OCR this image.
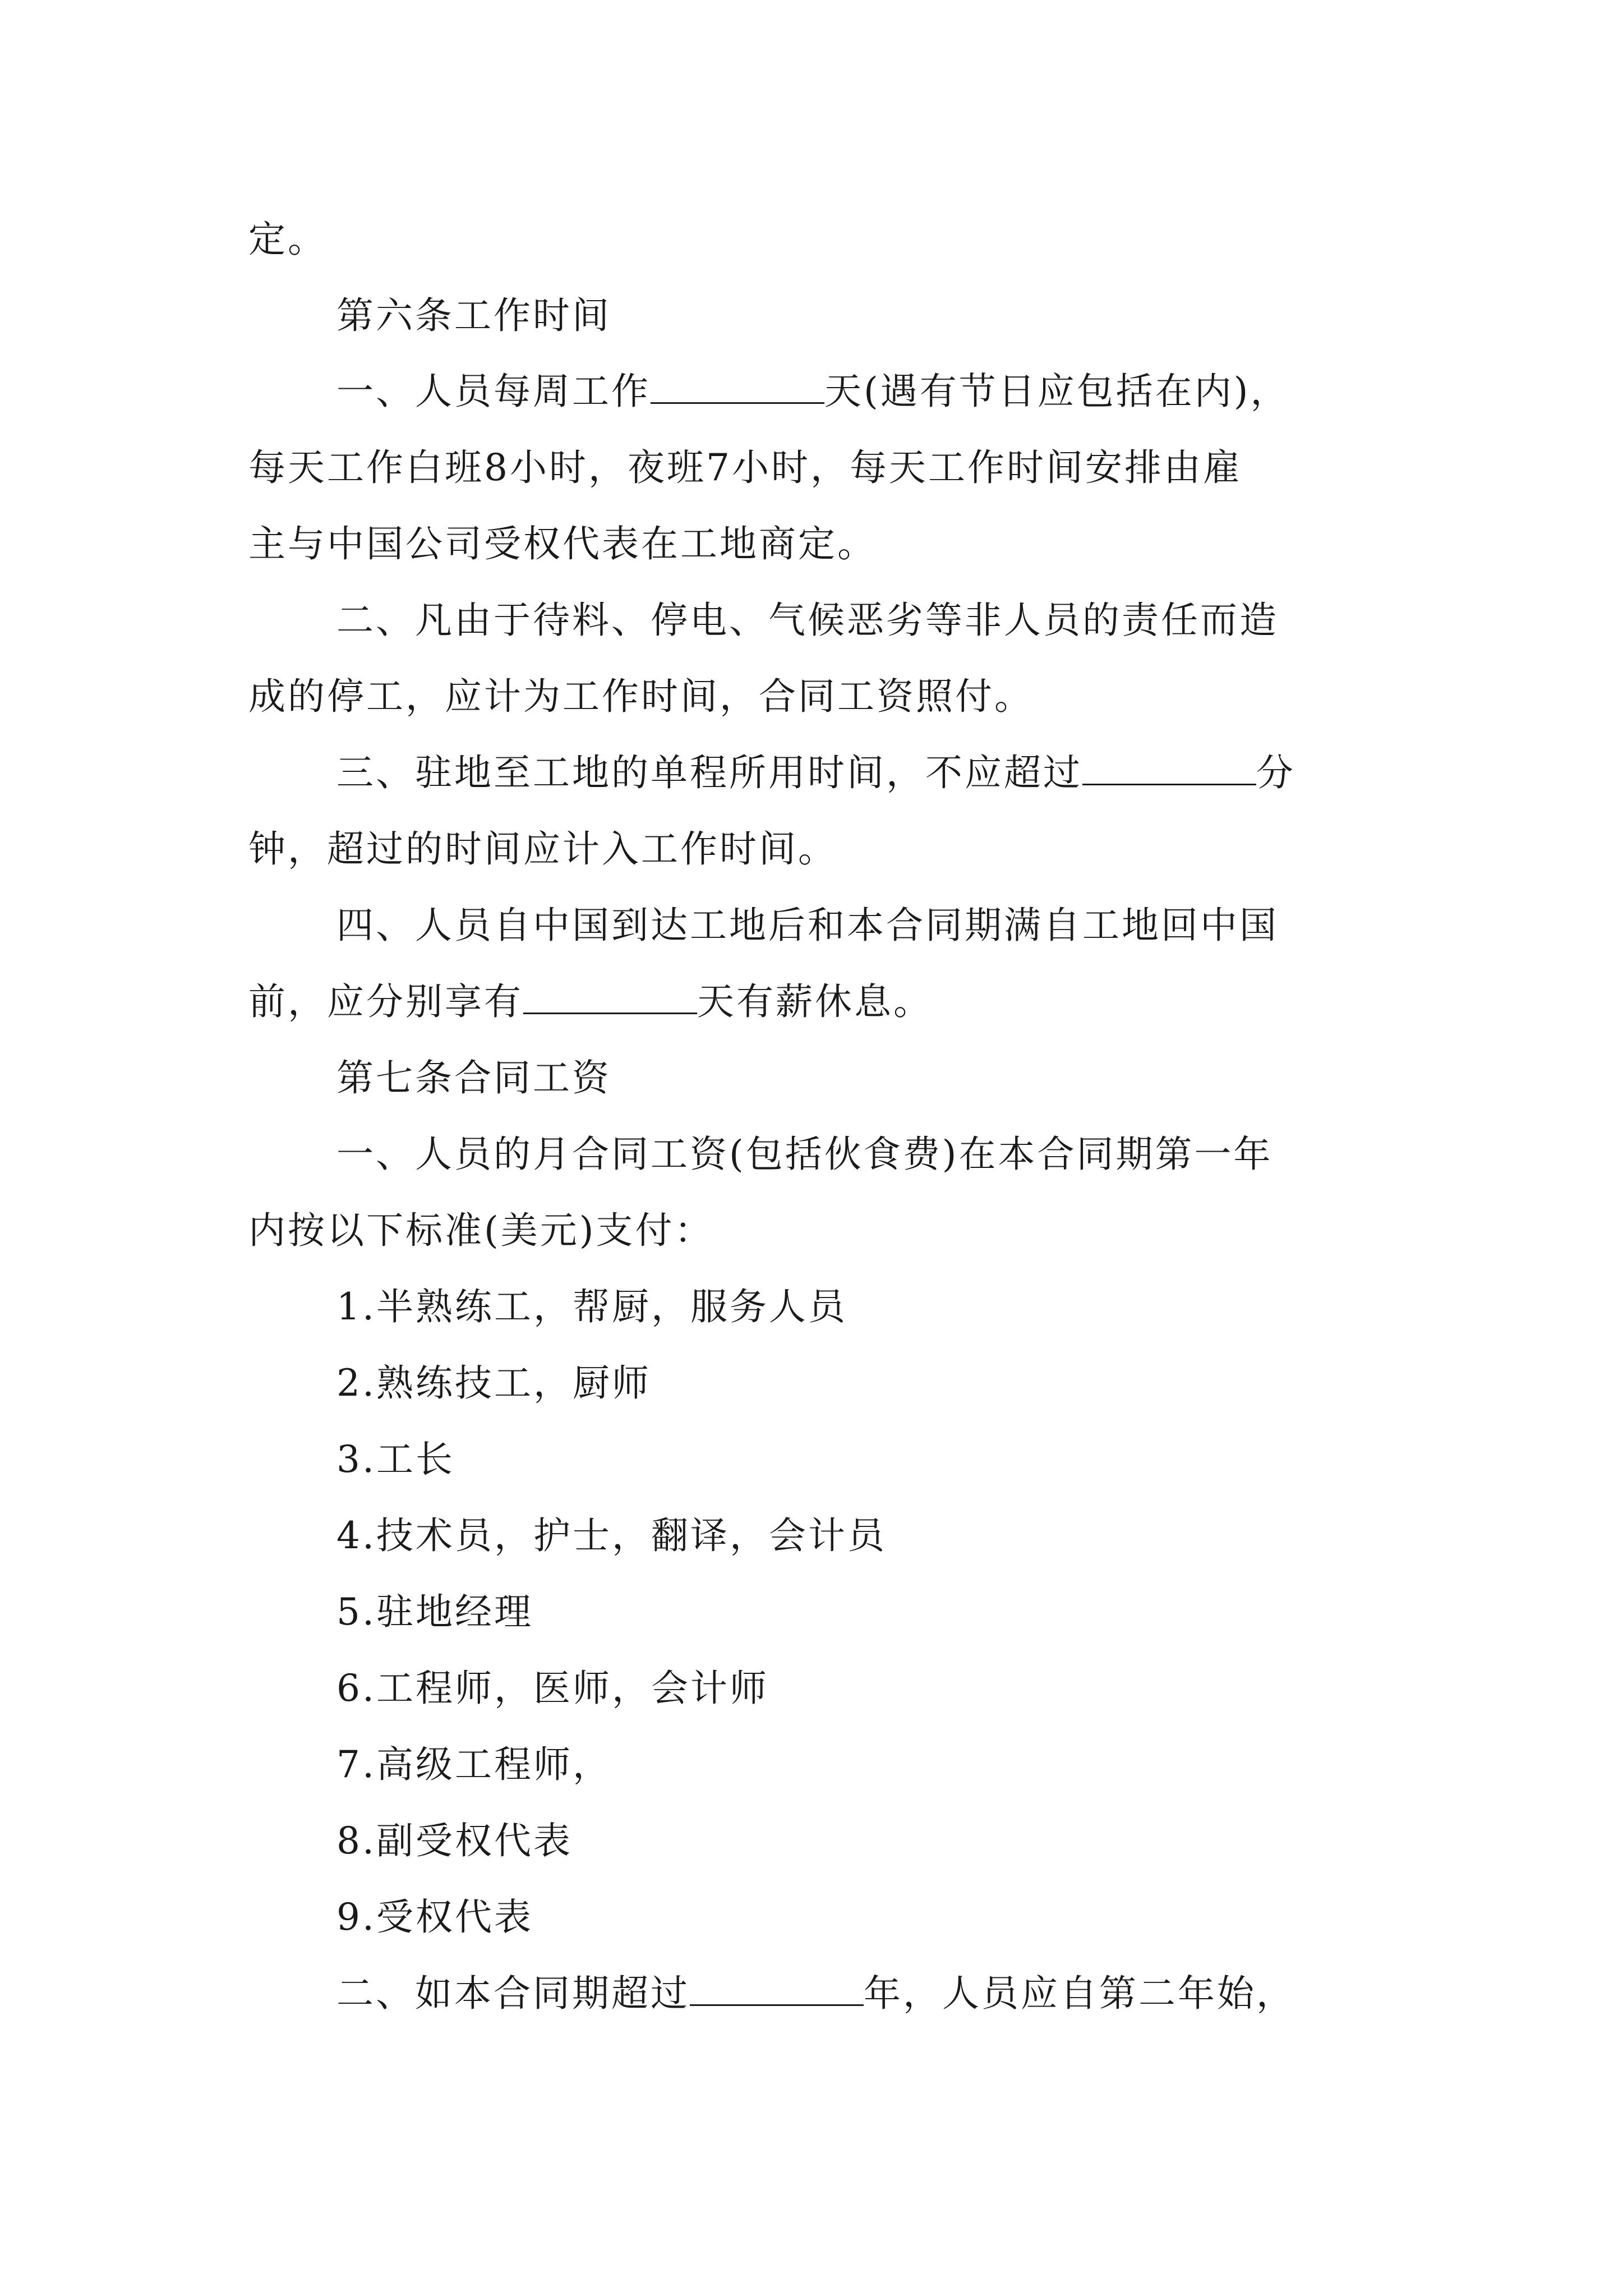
定。
第六条工作时间
一、人员每周工作	天(遇有节日应包括在内)，
每天工作白班8小时，夜班7小时，每天工作时间安排由雇
主与中国公司受权代表在工地商定。
二、凡由于待料、停电、气候恶劣等非人员的责任而造
成的停工，应计为工作时间，合同工资照付。
三、驻地至工地的单程所用时间，不应超过	分
钟，超过的时间应计入工作时间。
四、人员自中国到达工地后和本合同期满自工地回中国
前，应分别享有	天有薪休息。
第七条合同工资
一、人员的月合同工资(包括伙食费)在本合同期第一年
内按以下标准(美元)支付：
1.半熟练工，帮厨，服务人员
2.熟练技工，厨师
3.工长
4.技术员，护士，翻译，会计员
5.驻地经理
6.工程师，医师，会计师
7.高级工程师，
8.副受权代表
9.受权代表
二、如本合同期超过	年，人员应自第二年始，
